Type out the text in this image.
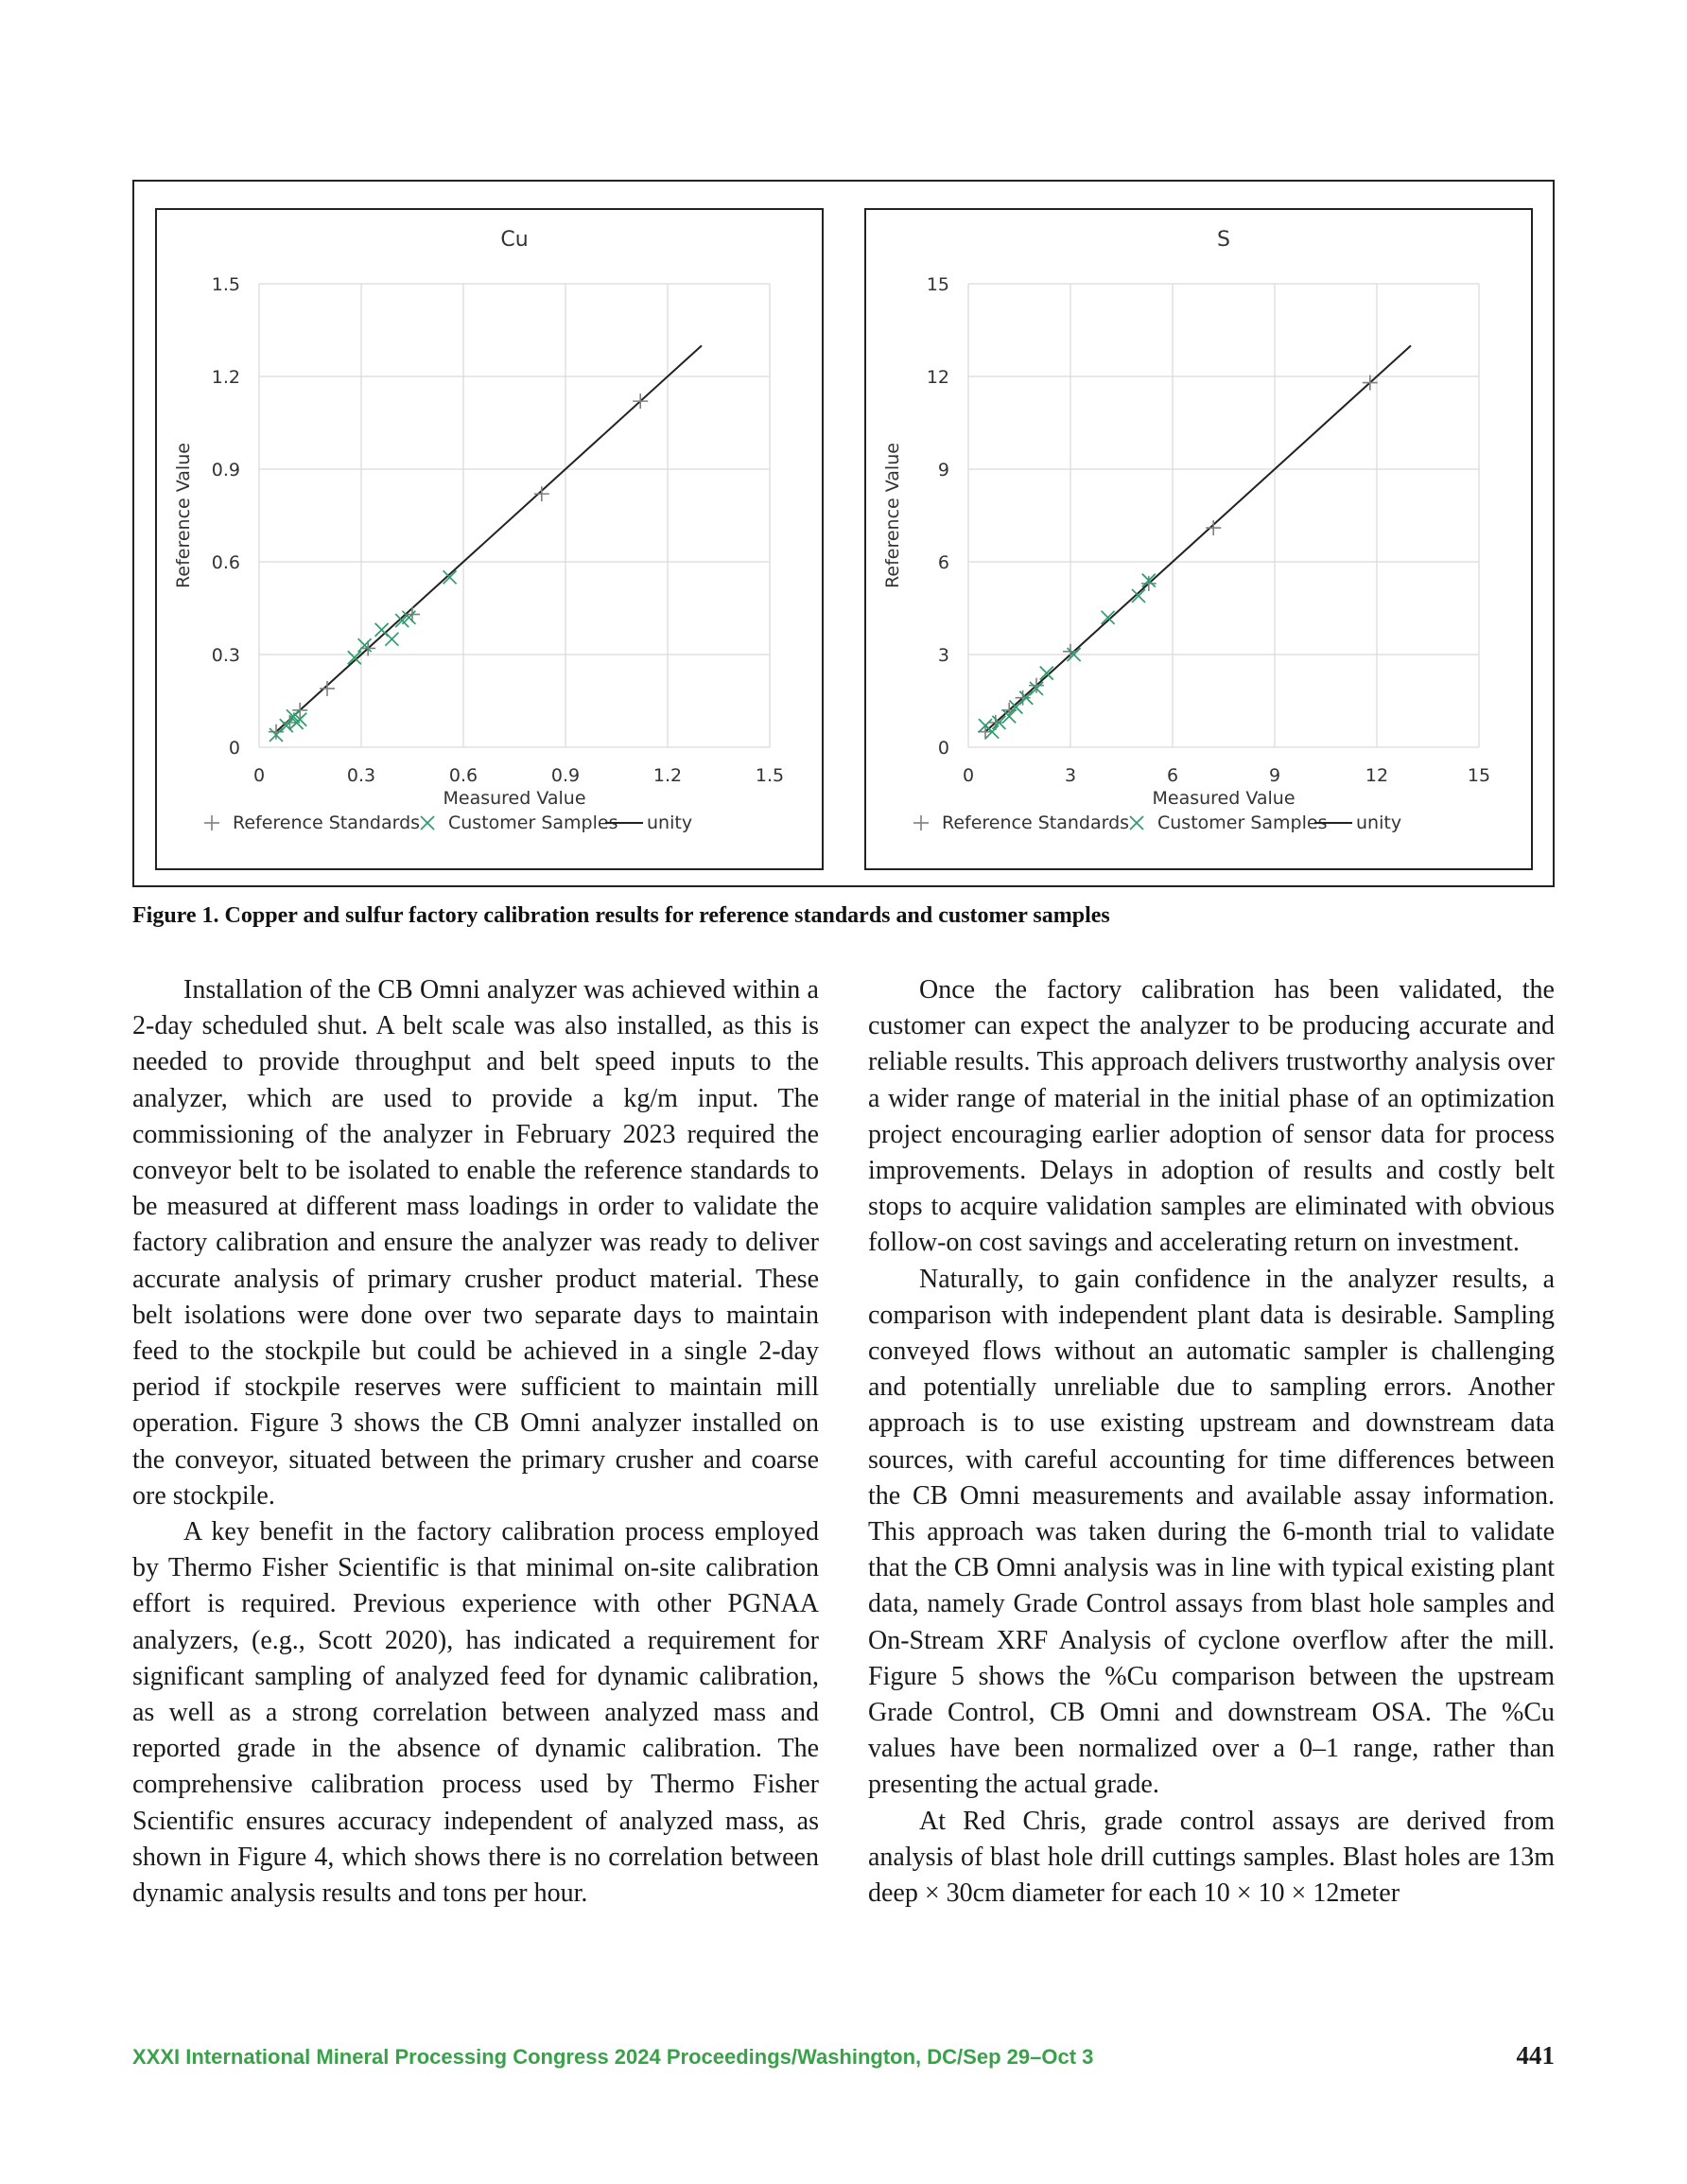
0	0.3	0.6	0.9	1.2	1.5
0
0.3
0.6
0.9
1.2
1.5
Cu
Measured Value
Reference Value
Reference Standards Customer Samples unity
0	3	6	9	12	15
0
3
6
9
12
15
S
Measured Value
Reference Value
Reference Standards Customer Samples unity
Figure 1. Copper and sulfur factory calibration results for reference standards and customer samples

Installation of the CB Omni analyzer was achieved within a 2-day scheduled shut. A belt scale was also installed, as this is needed to provide throughput and belt speed inputs to the analyzer, which are used to provide a kg/m input. The commissioning of the analyzer in February 2023 required the conveyor belt to be isolated to enable the reference standards to be measured at different mass loadings in order to validate the factory calibration and ensure the analyzer was ready to deliver accurate analysis of primary crusher product material. These belt isolations were done over two separate days to maintain feed to the stockpile but could be achieved in a single 2-day period if stockpile reserves were sufficient to maintain mill operation. Figure 3 shows the CB Omni analyzer installed on the conveyor, situated between the primary crusher and coarse ore stockpile.

A key benefit in the factory calibration process employed by Thermo Fisher Scientific is that minimal on-site calibration effort is required. Previous experience with other PGNAA analyzers, (e.g., Scott 2020), has indicated a requirement for significant sampling of analyzed feed for dynamic calibration, as well as a strong correlation between analyzed mass and reported grade in the absence of dynamic calibration. The comprehensive calibration process used by Thermo Fisher Scientific ensures accuracy independent of analyzed mass, as shown in Figure 4, which shows there is no correlation between dynamic analysis results and tons per hour.

Once the factory calibration has been validated, the customer can expect the analyzer to be producing accurate and reliable results. This approach delivers trustworthy analysis over a wider range of material in the initial phase of an optimization project encouraging earlier adoption of sensor data for process improvements. Delays in adoption of results and costly belt stops to acquire validation samples are eliminated with obvious follow-on cost savings and accelerating return on investment.

Naturally, to gain confidence in the analyzer results, a comparison with independent plant data is desirable. Sampling conveyed flows without an automatic sampler is challenging and potentially unreliable due to sampling errors. Another approach is to use existing upstream and downstream data sources, with careful accounting for time differences between the CB Omni measurements and available assay information. This approach was taken during the 6-month trial to validate that the CB Omni analysis was in line with typical existing plant data, namely Grade Control assays from blast hole samples and On-Stream XRF Analysis of cyclone overflow after the mill. Figure 5 shows the %Cu comparison between the upstream Grade Control, CB Omni and downstream OSA. The %Cu values have been normalized over a 0–1 range, rather than presenting the actual grade.

At Red Chris, grade control assays are derived from analysis of blast hole drill cuttings samples. Blast holes are 13m deep × 30cm diameter for each 10 × 10 × 12meter

XXXI International Mineral Processing Congress 2024 Proceedings/Washington, DC/Sep 29–Oct 3	441
